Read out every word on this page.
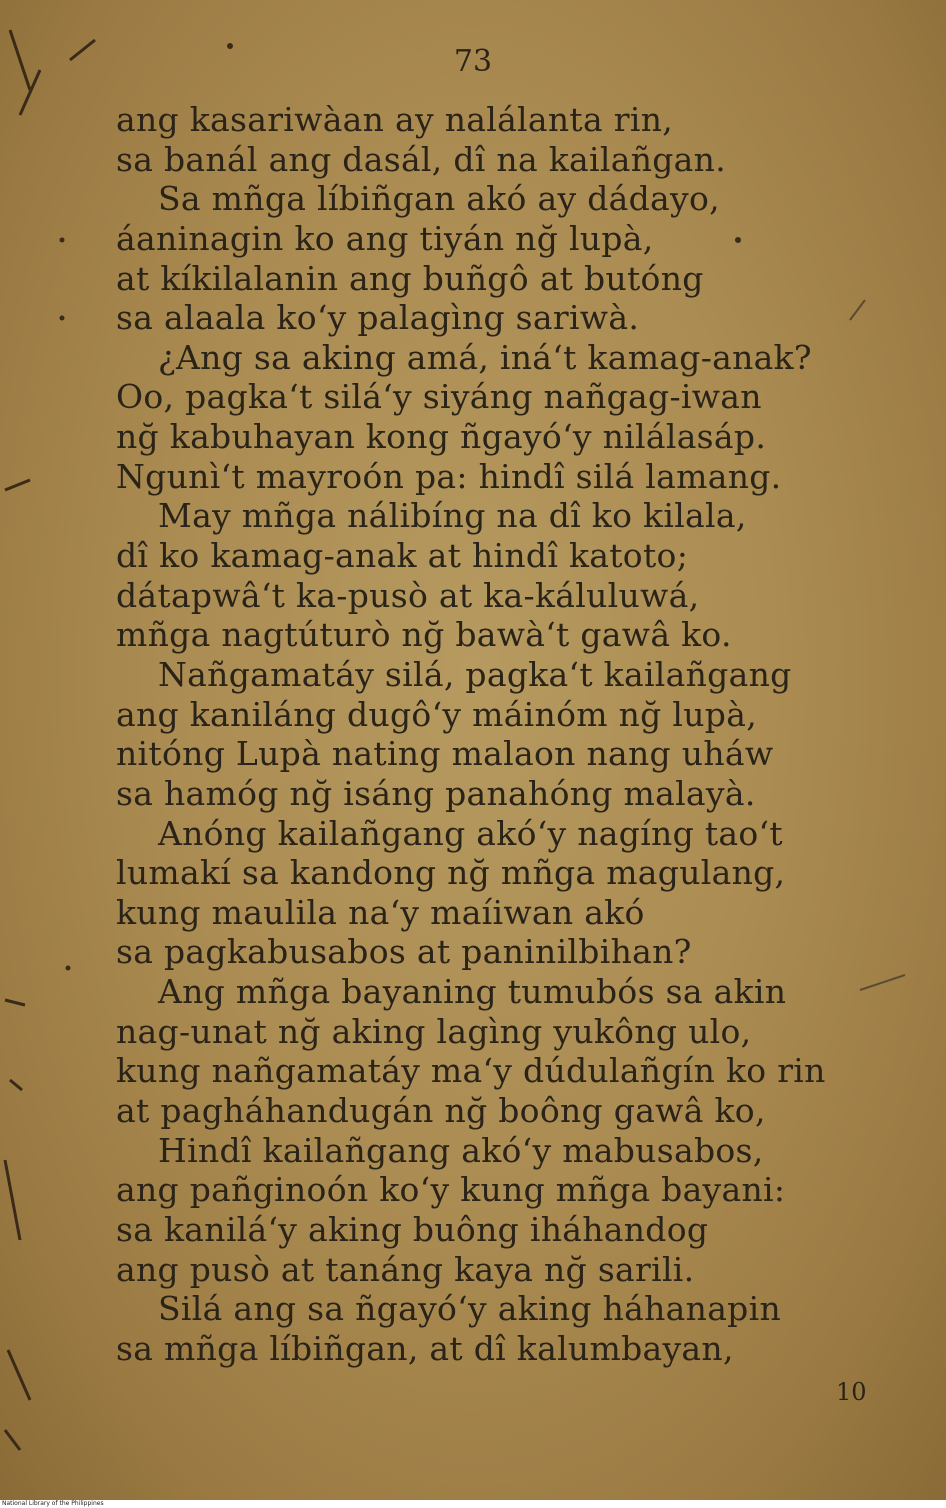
73
ang kasariwàan ay nalálanta rin,
sa banál ang dasál, dî na kailañgan.
Sa mñga líbiñgan akó ay dádayo,
áaninagin ko ang tiyán nğ lupà,
at kíkilalanin ang buñgô at butóng
sa alaala ko‘y palagìng sariwà.
¿Ang sa aking amá, iná‘t kamag-anak?
Oo, pagka‘t silá‘y siyáng nañgag-iwan
nğ kabuhayan kong ñgayó‘y nilálasáp.
Ngunì‘t mayroón pa: hindî silá lamang.
May mñga nálibíng na dî ko kilala,
dî ko kamag-anak at hindî katoto;
dátapwâ‘t ka-pusò at ka-káluluwá,
mñga nagtúturò nğ bawà‘t gawâ ko.
Nañgamatáy silá, pagka‘t kailañgang
ang kaniláng dugô‘y máinóm nğ lupà,
nitóng Lupà nating malaon nang uháw
sa hamóg nğ isáng panahóng malayà.
Anóng kailañgang akó‘y nagíng tao‘t
lumakí sa kandong nğ mñga magulang,
kung maulila na‘y maíiwan akó
sa pagkabusabos at paninilbihan?
Ang mñga bayaning tumubós sa akin
nag-unat nğ aking lagìng yukông ulo,
kung nañgamatáy ma‘y dúdulañgín ko rin
at pagháhandugán nğ boông gawâ ko,
Hindî kailañgang akó‘y mabusabos,
ang pañginoón ko‘y kung mñga bayani:
sa kanilá‘y aking buông iháhandog
ang pusò at tanáng kaya nğ sarili.
Silá ang sa ñgayó‘y aking háhanapin
sa mñga líbiñgan, at dî kalumbayan,
10
National Library of the Philippines
